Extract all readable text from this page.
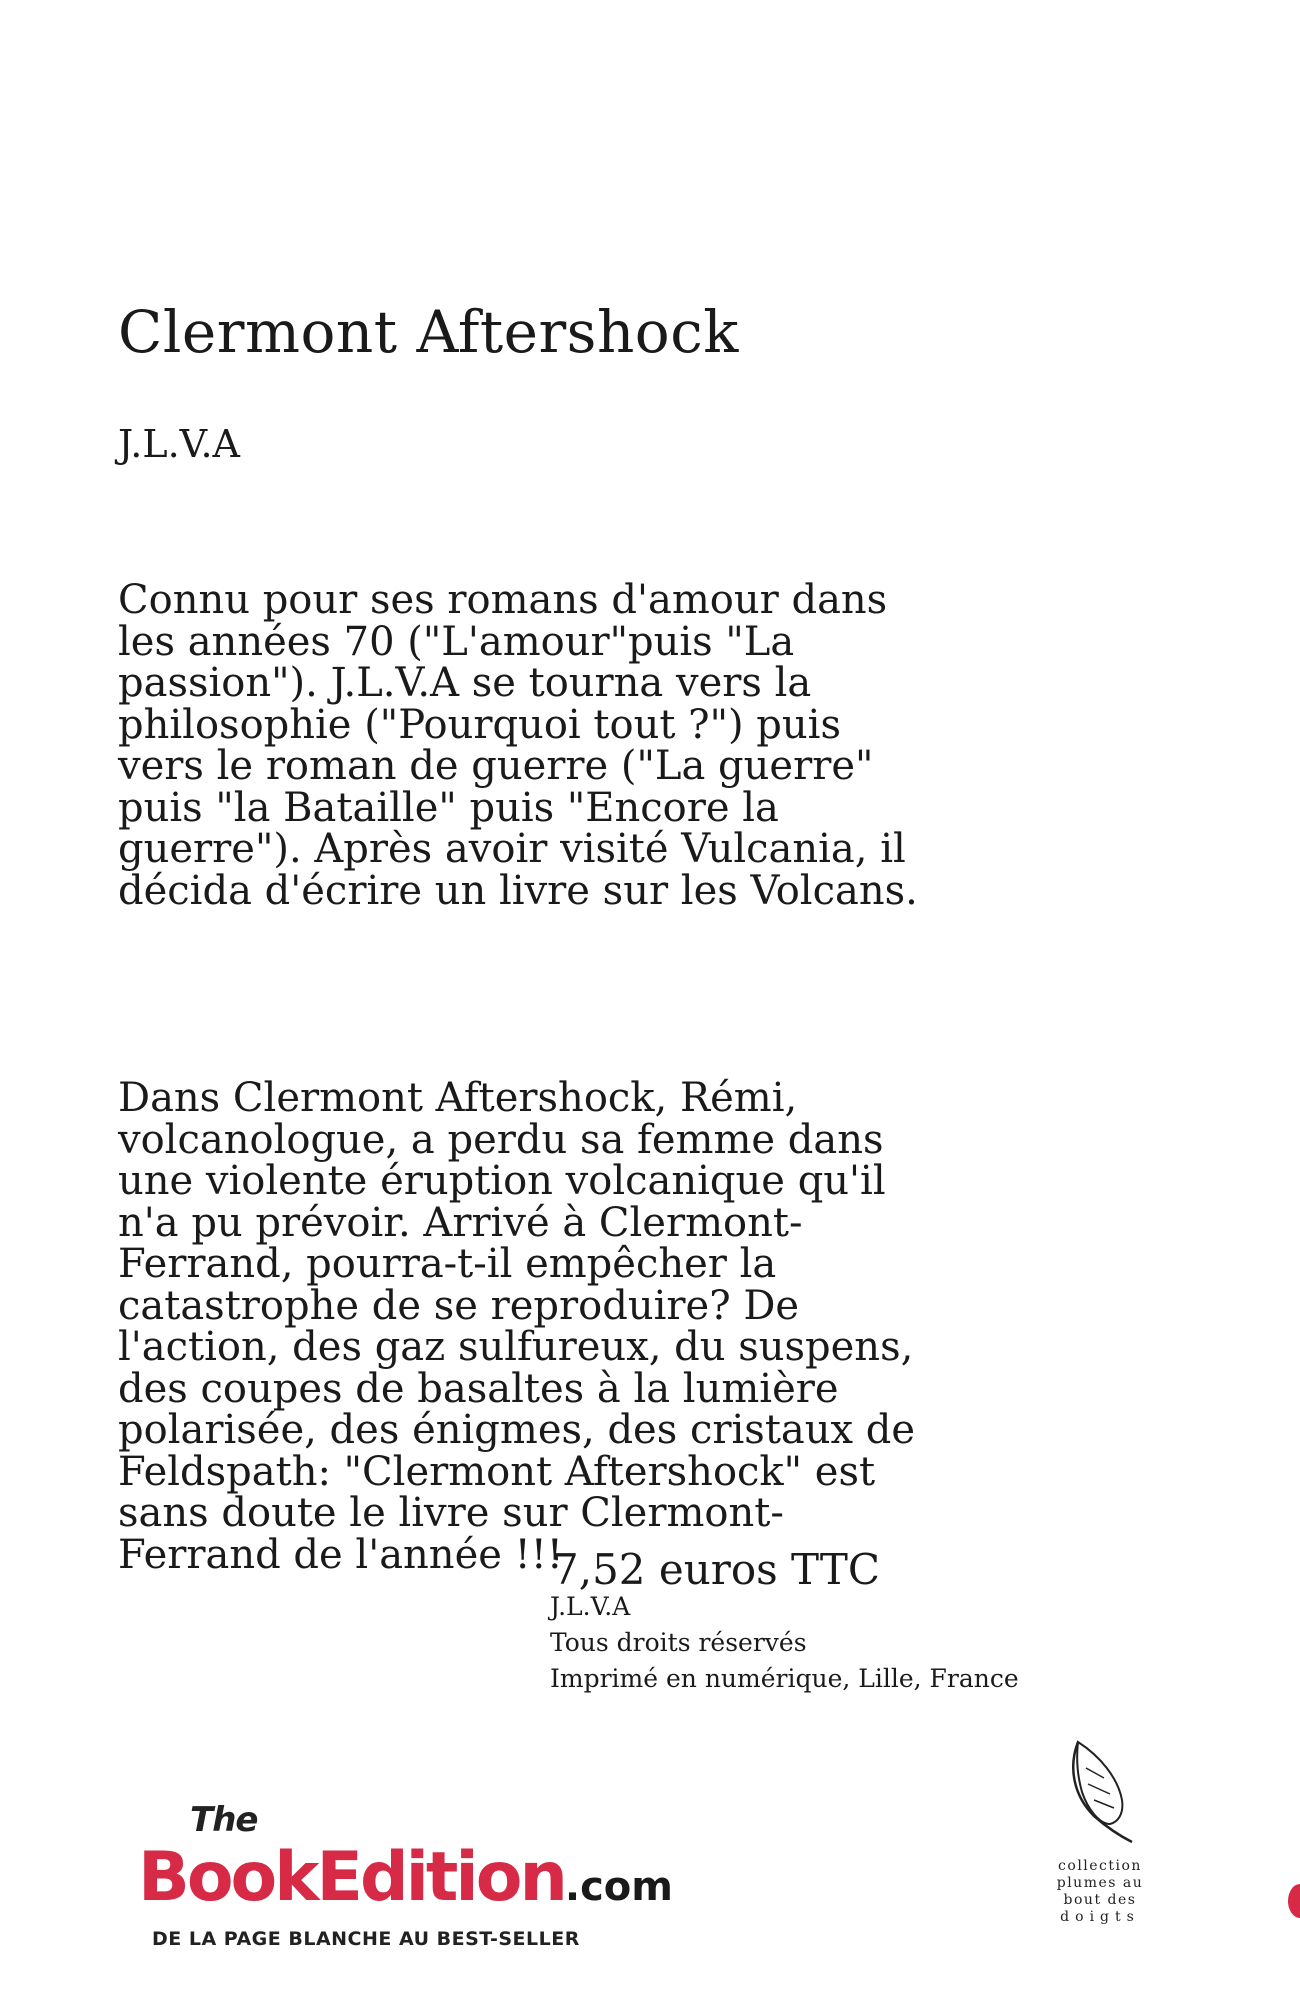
Clermont Aftershock
J.L.V.A
Connu pour ses romans d'amour dans
les années 70 ("L'amour"puis "La
passion"). J.L.V.A se tourna vers la
philosophie ("Pourquoi tout ?") puis
vers le roman de guerre ("La guerre"
puis "la Bataille" puis "Encore la
guerre"). Après avoir visité Vulcania, il
décida d'écrire un livre sur les Volcans.
Dans Clermont Aftershock, Rémi,
volcanologue, a perdu sa femme dans
une violente éruption volcanique qu'il
n'a pu prévoir. Arrivé à Clermont-
Ferrand, pourra-t-il empêcher la
catastrophe de se reproduire? De
l'action, des gaz sulfureux, du suspens,
des coupes de basaltes à la lumière
polarisée, des énigmes, des cristaux de
Feldspath: "Clermont Aftershock" est
sans doute le livre sur Clermont-
Ferrand de l'année !!!
7,52 euros TTC
J.L.V.A
Tous droits réservés
Imprimé en numérique, Lille, France
The
BookEdition.com
DE LA PAGE BLANCHE AU BEST-SELLER
collection
plumes au
bout des
doigts
